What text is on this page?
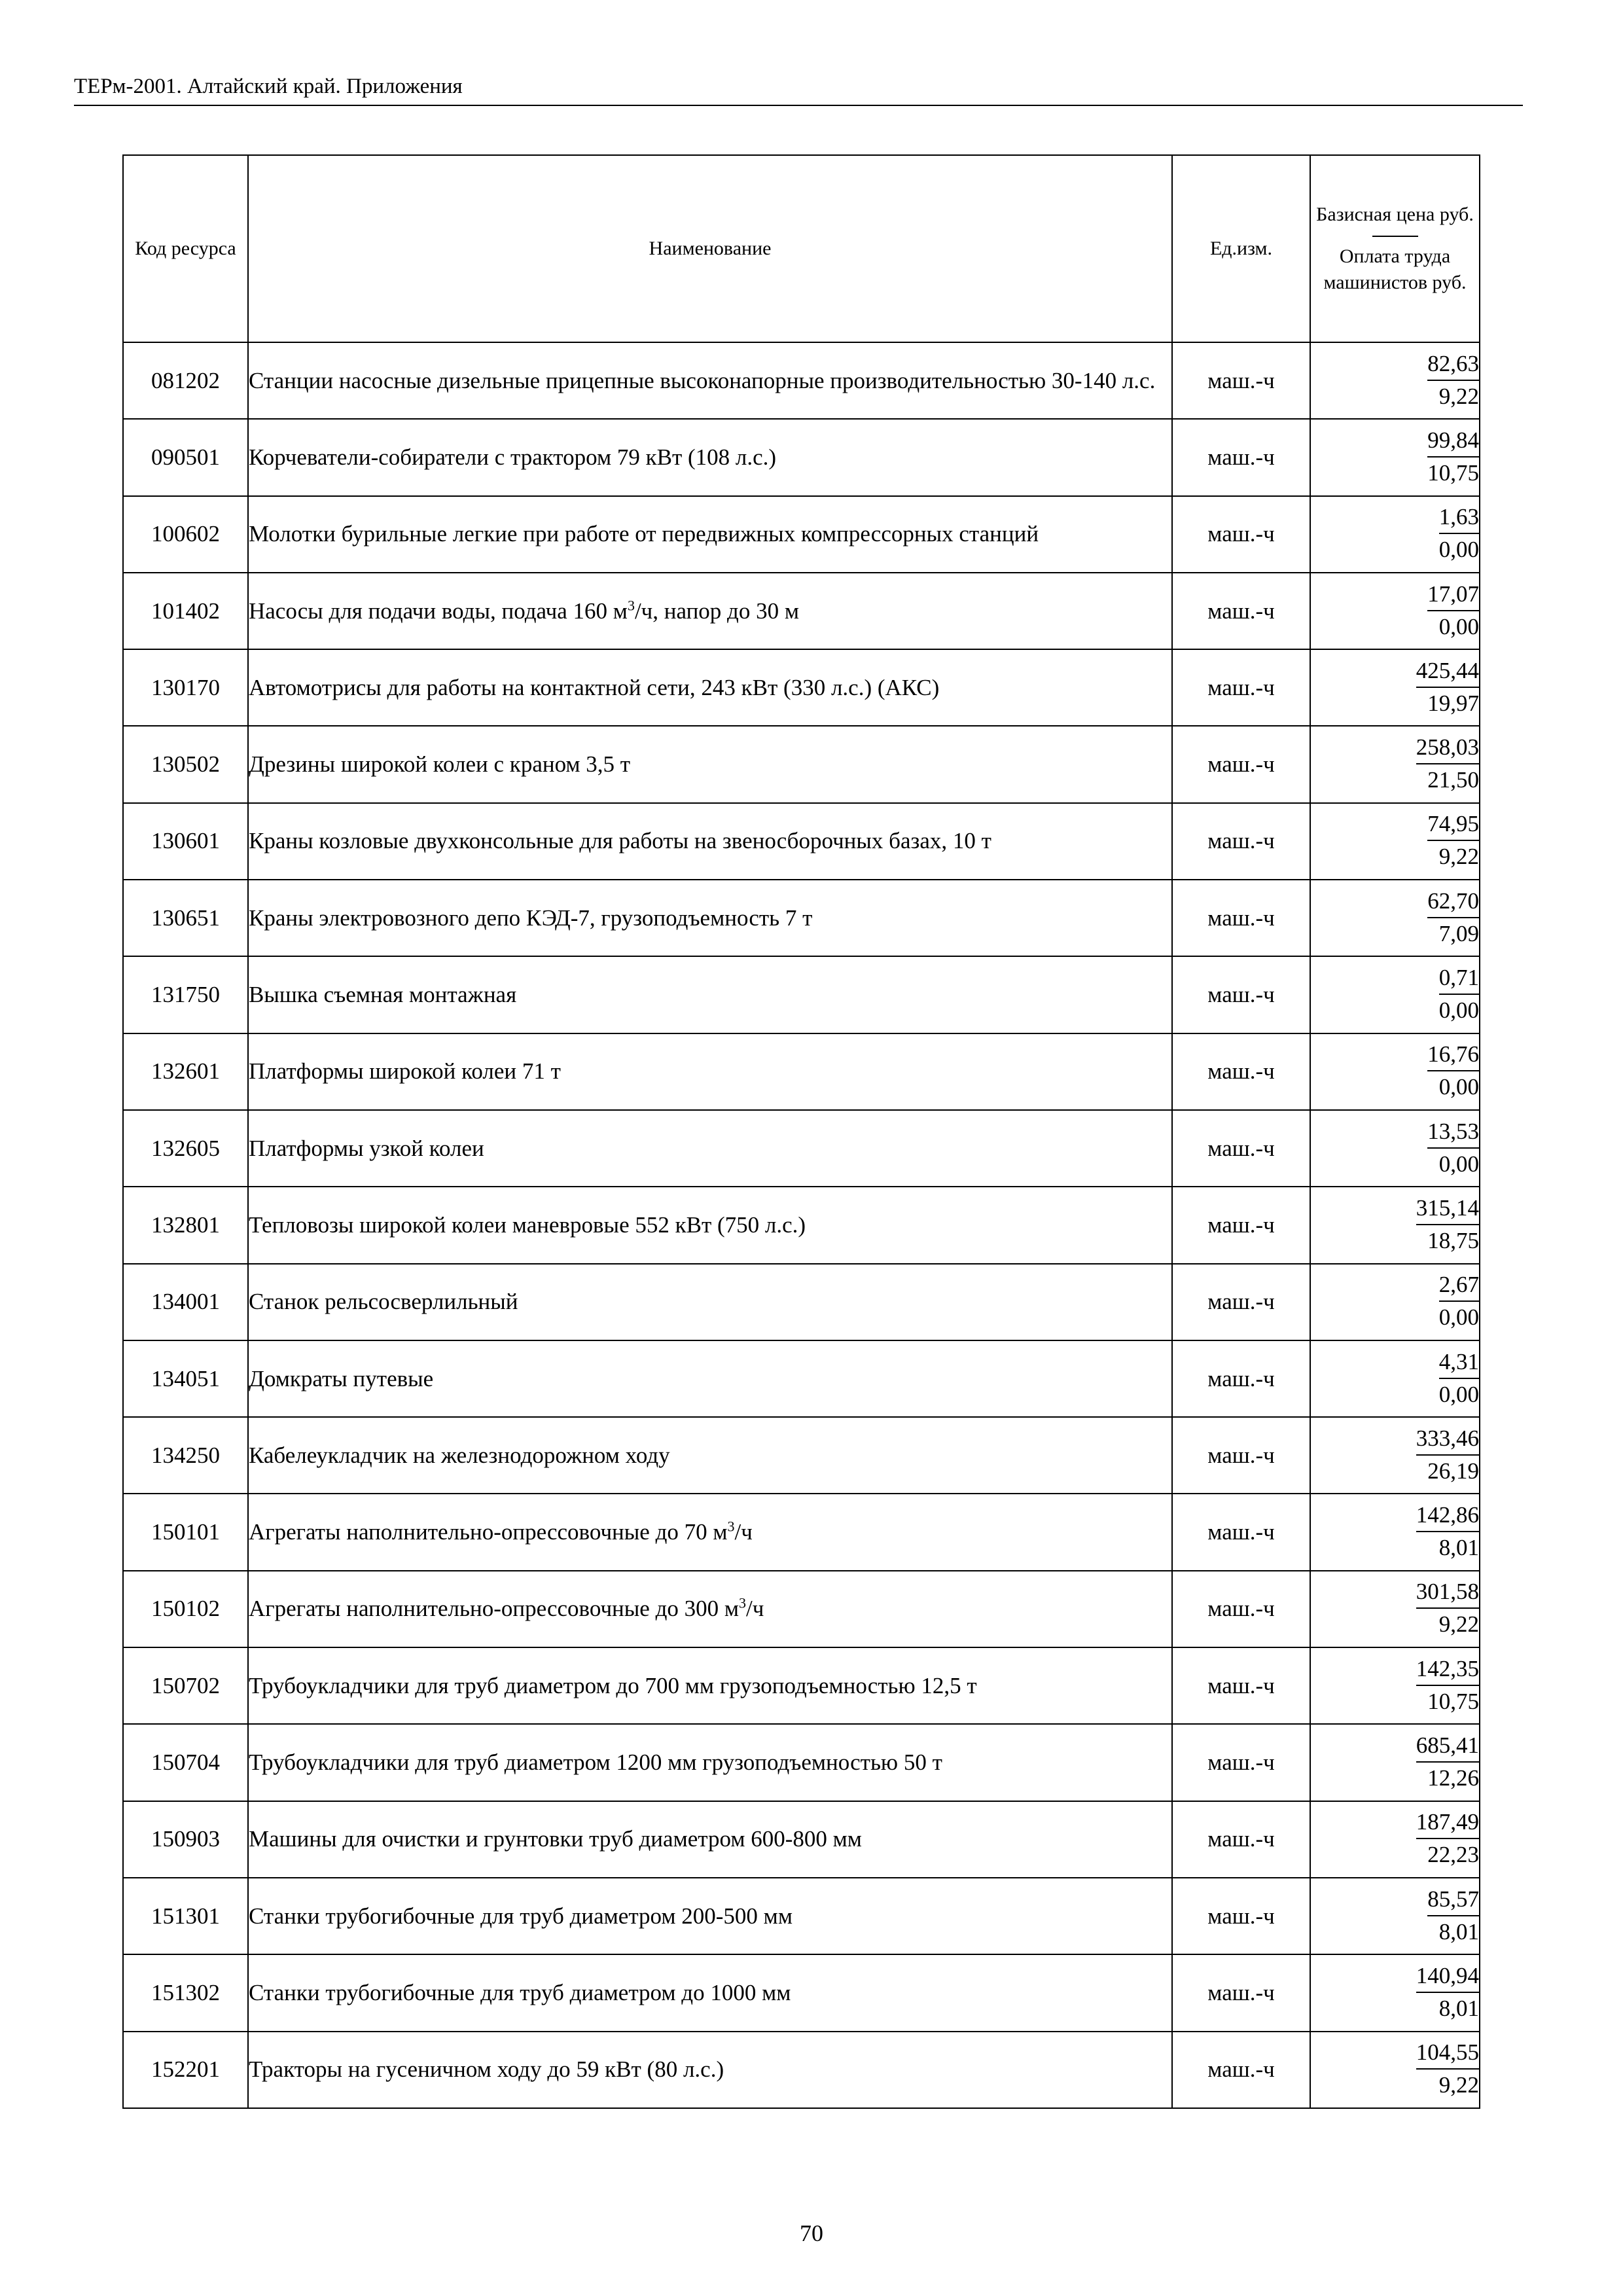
ТЕРм-2001. Алтайский край. Приложения
Код ресурса	Наименование	Ед.изм.	Базисная цена руб.
Оплата труда машинистов руб.

081202	Станции насосные дизельные прицепные высоконапорные производительностью 30-140 л.с.	маш.-ч	$\frac{82,63}{9,22}$

090501	Корчеватели-собиратели с трактором 79 кВт (108 л.с.)	маш.-ч	$\frac{99,84}{10,75}$

100602	Молотки бурильные легкие при работе от передвижных компрессорных станций	маш.-ч	$\frac{1,63}{0,00}$

101402	Насосы для подачи воды, подача 160 $м^3/ч$, напор до 30 м	маш.-ч	$\frac{17,07}{0,00}$

130170	Автомотрисы для работы на контактной сети, 243 кВт (330 л.с.) (АКС)	маш.-ч	$\frac{425,44}{19,97}$

130502	Дрезины широкой колеи с краном 3,5 т	маш.-ч	$\frac{258,03}{21,50}$

130601	Краны козловые двухконсольные для работы на звеносборочных базах, 10 т	маш.-ч	$\frac{74,95}{9,22}$

130651	Краны электровозного депо КЭД-7, грузоподъемность 7 т	маш.-ч	$\frac{62,70}{7,09}$

131750	Вышка съемная монтажная	маш.-ч	$\frac{0,71}{0,00}$

132601	Платформы широкой колеи 71 т	маш.-ч	$\frac{16,76}{0,00}$

132605	Платформы узкой колеи	маш.-ч	$\frac{13,53}{0,00}$

132801	Тепловозы широкой колеи маневровые 552 кВт (750 л.с.)	маш.-ч	$\frac{315,14}{18,75}$

134001	Станок рельсосверлильный	маш.-ч	$\frac{2,67}{0,00}$

134051	Домкраты путевые	маш.-ч	$\frac{4,31}{0,00}$

134250	Кабелеукладчик на железнодорожном ходу	маш.-ч	$\frac{333,46}{26,19}$

150101	Агрегаты наполнительно-опрессовочные до 70 $м^3/ч$	маш.-ч	$\frac{142,86}{8,01}$

150102	Агрегаты наполнительно-опрессовочные до 300 $м^3/ч$	маш.-ч	$\frac{301,58}{9,22}$

150702	Трубоукладчики для труб диаметром до 700 мм грузоподъемностью 12,5 т	маш.-ч	$\frac{142,35}{10,75}$

150704	Трубоукладчики для труб диаметром 1200 мм грузоподъемностью 50 т	маш.-ч	$\frac{685,41}{12,26}$

150903	Машины для очистки и грунтовки труб диаметром 600-800 мм	маш.-ч	$\frac{187,49}{22,23}$

151301	Станки трубогибочные для труб диаметром 200-500 мм	маш.-ч	$\frac{85,57}{8,01}$

151302	Станки трубогибочные для труб диаметром до 1000 мм	маш.-ч	$\frac{140,94}{8,01}$

152201	Тракторы на гусеничном ходу до 59 кВт (80 л.с.)	маш.-ч	$\frac{104,55}{9,22}$
70
